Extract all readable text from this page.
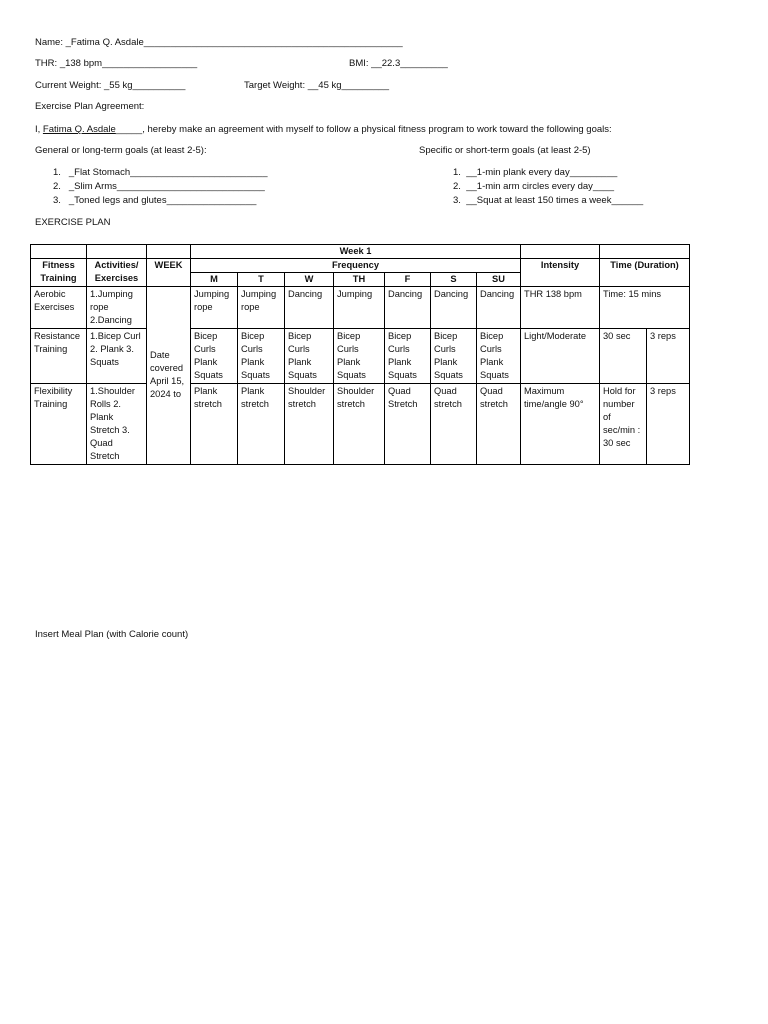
Name: _Fatima Q. Asdale_________________________________________________
THR: _138 bpm__________________	BMI: __22.3_________
Current Weight: _55 kg__________	Target Weight: __45 kg_________
Exercise Plan Agreement:
I, Fatima Q. Asdale_____, hereby make an agreement with myself to follow a physical fitness program to work toward the following goals:
General or long-term goals (at least 2-5):	Specific or short-term goals (at least 2-5)
1. _Flat Stomach__________________________
2. _Slim Arms____________________________
3. _Toned legs and glutes_________________
1. __1-min plank every day_________
2. __1-min arm circles every day____
3. __Squat at least 150 times a week______
EXERCISE PLAN
			Week 1									
Fitness Training	Activities/ Exercises	WEEK	Frequency							Intensity	Time (Duration)	
			M	T	W	TH	F	S	SU			
Aerobic Exercises	1.Jumping rope 2.Dancing	Date covered April 15, 2024 to	Jumping rope	Jumping rope	Dancing	Jumping	Dancing	Dancing	Dancing	THR 138 bpm	Time: 15 mins	
Resistance Training	1.Bicep Curl 2. Plank 3. Squats		Bicep Curls Plank Squats	Bicep Curls Plank Squats	Bicep Curls Plank Squats	Bicep Curls Plank Squats	Bicep Curls Plank Squats	Bicep Curls Plank Squats	Bicep Curls Plank Squats	Light/Moderate	30 sec	3 reps
Flexibility Training	1.Shoulder Rolls 2. Plank Stretch 3. Quad Stretch		Plank stretch	Plank stretch	Shoulder stretch	Shoulder stretch	Quad Stretch	Quad stretch	Quad stretch	Maximum time/angle 90°	Hold for number of sec/min : 30 sec	3 reps
Insert Meal Plan (with Calorie count)
